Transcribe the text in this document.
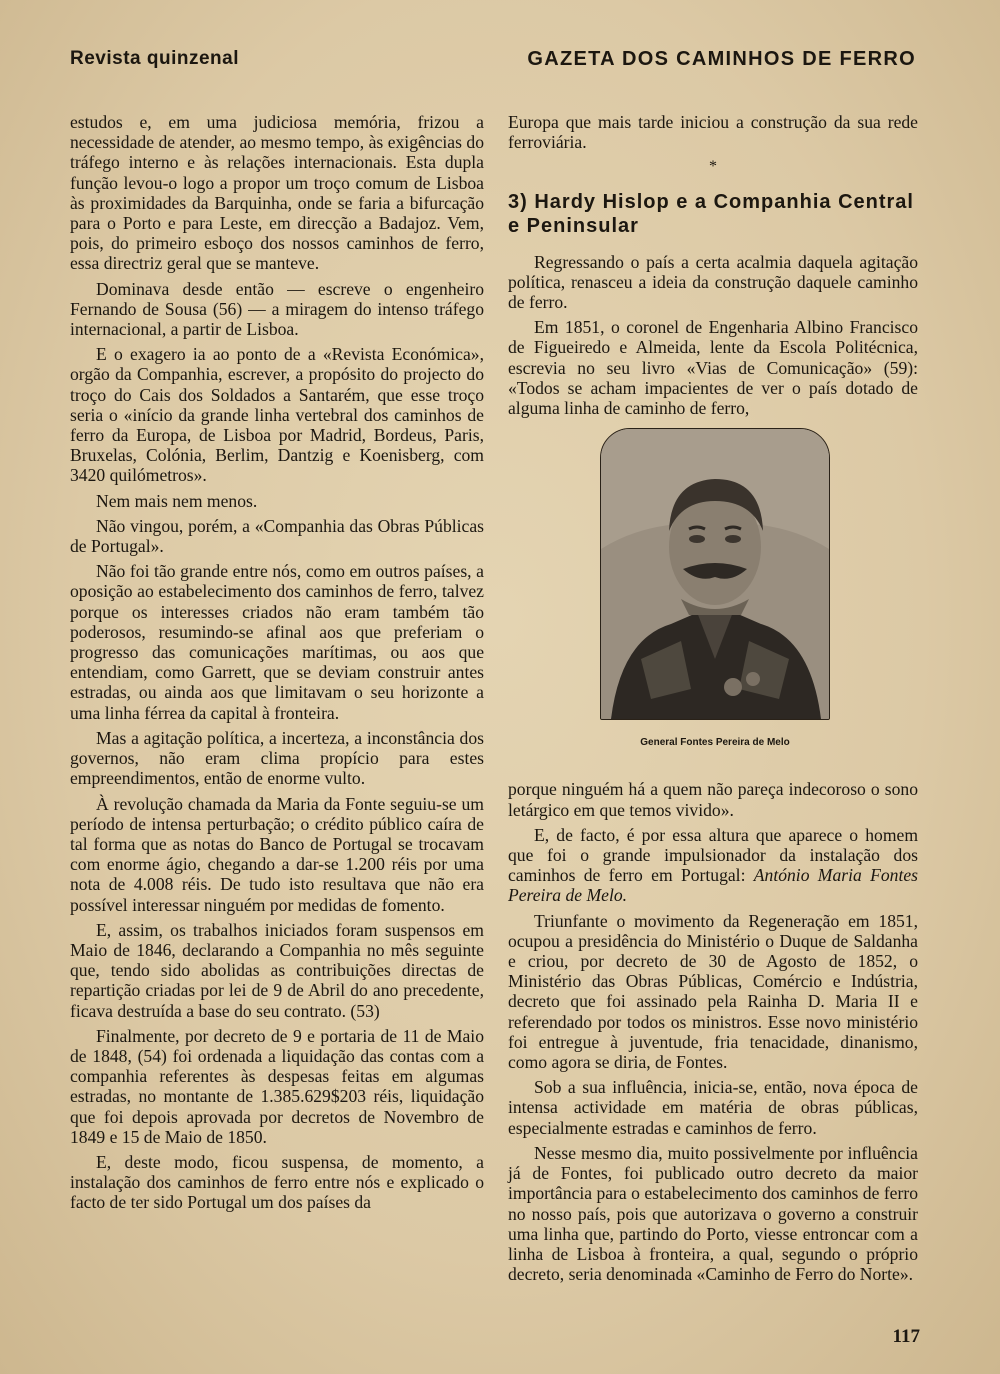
Revista quinzenal	GAZETA DOS CAMINHOS DE FERRO

estudos e, em uma judiciosa memória, frizou a necessidade de atender, ao mesmo tempo, às exigências do tráfego interno e às relações internacionais. Esta dupla função levou-o logo a propor um troço comum de Lisboa às proximidades da Barquinha, onde se faria a bifurcação para o Porto e para Leste, em direcção a Badajoz. Vem, pois, do primeiro esboço dos nossos caminhos de ferro, essa directriz geral que se manteve.

Dominava desde então — escreve o engenheiro Fernando de Sousa (56) — a miragem do intenso tráfego internacional, a partir de Lisboa.

E o exagero ia ao ponto de a «Revista Económica», orgão da Companhia, escrever, a propósito do projecto do troço do Cais dos Soldados a Santarém, que esse troço seria o «início da grande linha vertebral dos caminhos de ferro da Europa, de Lisboa por Madrid, Bordeus, Paris, Bruxelas, Colónia, Berlim, Dantzig e Koenisberg, com 3420 quilómetros».

Nem mais nem menos.

Não vingou, porém, a «Companhia das Obras Públicas de Portugal».

Não foi tão grande entre nós, como em outros países, a oposição ao estabelecimento dos caminhos de ferro, talvez porque os interesses criados não eram também tão poderosos, resumindo-se afinal aos que preferiam o progresso das comunicações marítimas, ou aos que entendiam, como Garrett, que se deviam construir antes estradas, ou ainda aos que limitavam o seu horizonte a uma linha férrea da capital à fronteira.

Mas a agitação política, a incerteza, a inconstância dos governos, não eram clima propício para estes empreendimentos, então de enorme vulto.

À revolução chamada da Maria da Fonte seguiu-se um período de intensa perturbação; o crédito público caíra de tal forma que as notas do Banco de Portugal se trocavam com enorme ágio, chegando a dar-se 1.200 réis por uma nota de 4.008 réis. De tudo isto resultava que não era possível interessar ninguém por medidas de fomento.

E, assim, os trabalhos iniciados foram suspensos em Maio de 1846, declarando a Companhia no mês seguinte que, tendo sido abolidas as contribuições directas de repartição criadas por lei de 9 de Abril do ano precedente, ficava destruída a base do seu contrato. (53)

Finalmente, por decreto de 9 e portaria de 11 de Maio de 1848, (54) foi ordenada a liquidação das contas com a companhia referentes às despesas feitas em algumas estradas, no montante de 1.385.629$203 réis, liquidação que foi depois aprovada por decretos de Novembro de 1849 e 15 de Maio de 1850.

E, deste modo, ficou suspensa, de momento, a instalação dos caminhos de ferro entre nós e explicado o facto de ter sido Portugal um dos países da

Europa que mais tarde iniciou a construção da sua rede ferroviária.

*
3) Hardy Hislop e a Companhia Central e Peninsular

Regressando o país a certa acalmia daquela agitação política, renasceu a ideia da construção daquele caminho de ferro.

Em 1851, o coronel de Engenharia Albino Francisco de Figueiredo e Almeida, lente da Escola Politécnica, escrevia no seu livro «Vias de Comunicação» (59): «Todos se acham impacientes de ver o país dotado de alguma linha de caminho de ferro,

General Fontes Pereira de Melo

porque ninguém há a quem não pareça indecoroso o sono letárgico em que temos vivido».

E, de facto, é por essa altura que aparece o homem que foi o grande impulsionador da instalação dos caminhos de ferro em Portugal: António Maria Fontes Pereira de Melo.

Triunfante o movimento da Regeneração em 1851, ocupou a presidência do Ministério o Duque de Saldanha e criou, por decreto de 30 de Agosto de 1852, o Ministério das Obras Públicas, Comércio e Indústria, decreto que foi assinado pela Rainha D. Maria II e referendado por todos os ministros. Esse novo ministério foi entregue à juventude, fria tenacidade, dinanismo, como agora se diria, de Fontes.

Sob a sua influência, inicia-se, então, nova época de intensa actividade em matéria de obras públicas, especialmente estradas e caminhos de ferro.

Nesse mesmo dia, muito possivelmente por influência já de Fontes, foi publicado outro decreto da maior importância para o estabelecimento dos caminhos de ferro no nosso país, pois que autorizava o governo a construir uma linha que, partindo do Porto, viesse entroncar com a linha de Lisboa à fronteira, a qual, segundo o próprio decreto, seria denominada «Caminho de Ferro do Norte».

117
